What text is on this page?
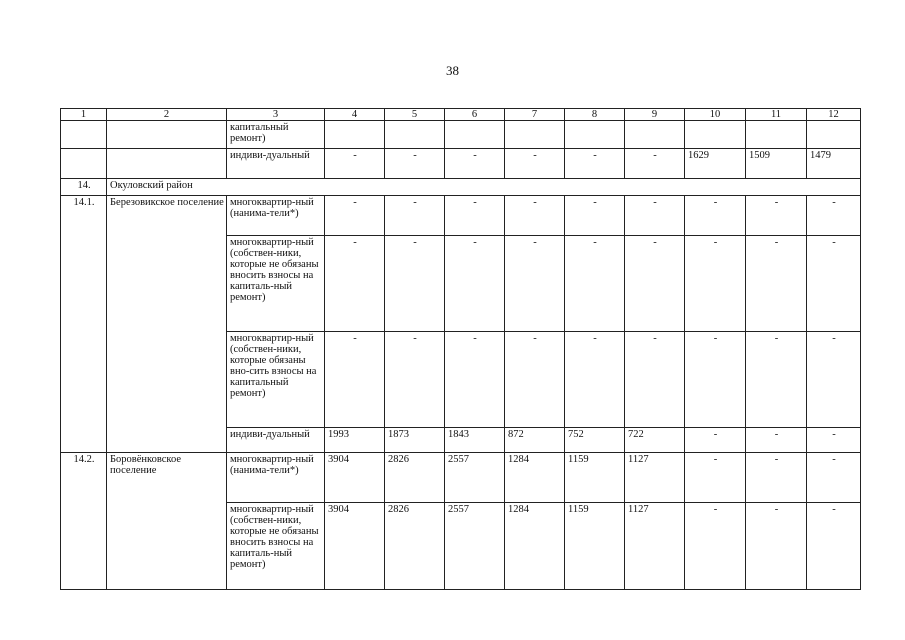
38
1	2	3	4	5	6	7	8	9	10	11	12
		капитальный ремонт)									
		индиви-дуальный	-	-	-	-	-	-	1629	1509	1479
14.	Окуловский район										
14.1.	Березовикское поселение	многоквартир-ный (нанима-тели*)	-	-	-	-	-	-	-	-	-
		многоквартир-ный (собствен-ники, которые не обязаны вносить взносы на капиталь-ный ремонт)	-	-	-	-	-	-	-	-	-
		многоквартир-ный (собствен-ники, которые обязаны вно-сить взносы на капитальный ремонт)	-	-	-	-	-	-	-	-	-
		индиви-дуальный	1993	1873	1843	872	752	722	-	-	-
14.2.	Боровёнковское поселение	многоквартир-ный (нанима-тели*)	3904	2826	2557	1284	1159	1127	-	-	-
		многоквартир-ный (собствен-ники, которые не обязаны вносить взносы на капиталь-ный ремонт)	3904	2826	2557	1284	1159	1127	-	-	-
